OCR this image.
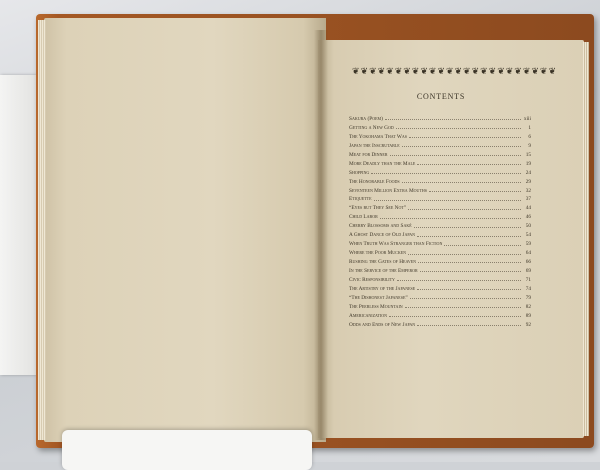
❦❦❦❦❦❦❦❦❦❦❦❦❦❦❦❦❦❦❦❦❦❦❦❦
CONTENTS
Sakura (Poem)	xiii
Getting a New God	1
The Yokohama That Was	6
Japan the Inscrutable	9
Meat for Dinner	15
More Deadly than the Male	19
Shopping	24
The Honorable Foods	29
Seventeen Million Extra Mouths	32
Etiquette	37
“Eyes but They See Not”	44
Child Labor	46
Cherry Blossoms and Saké	50
A Ghost Dance of Old Japan	54
When Truth Was Stranger than Fiction	59
Where the Poor Mucken	64
Rushing the Gates of Heaven	66
In the Service of the Emperor	69
Civic Responsibility	71
The Artistry of the Japanese	74
“The Dishonest Japanese”	79
The Peerless Mountain	82
Americanization	89
Odds and Ends of New Japan	92
